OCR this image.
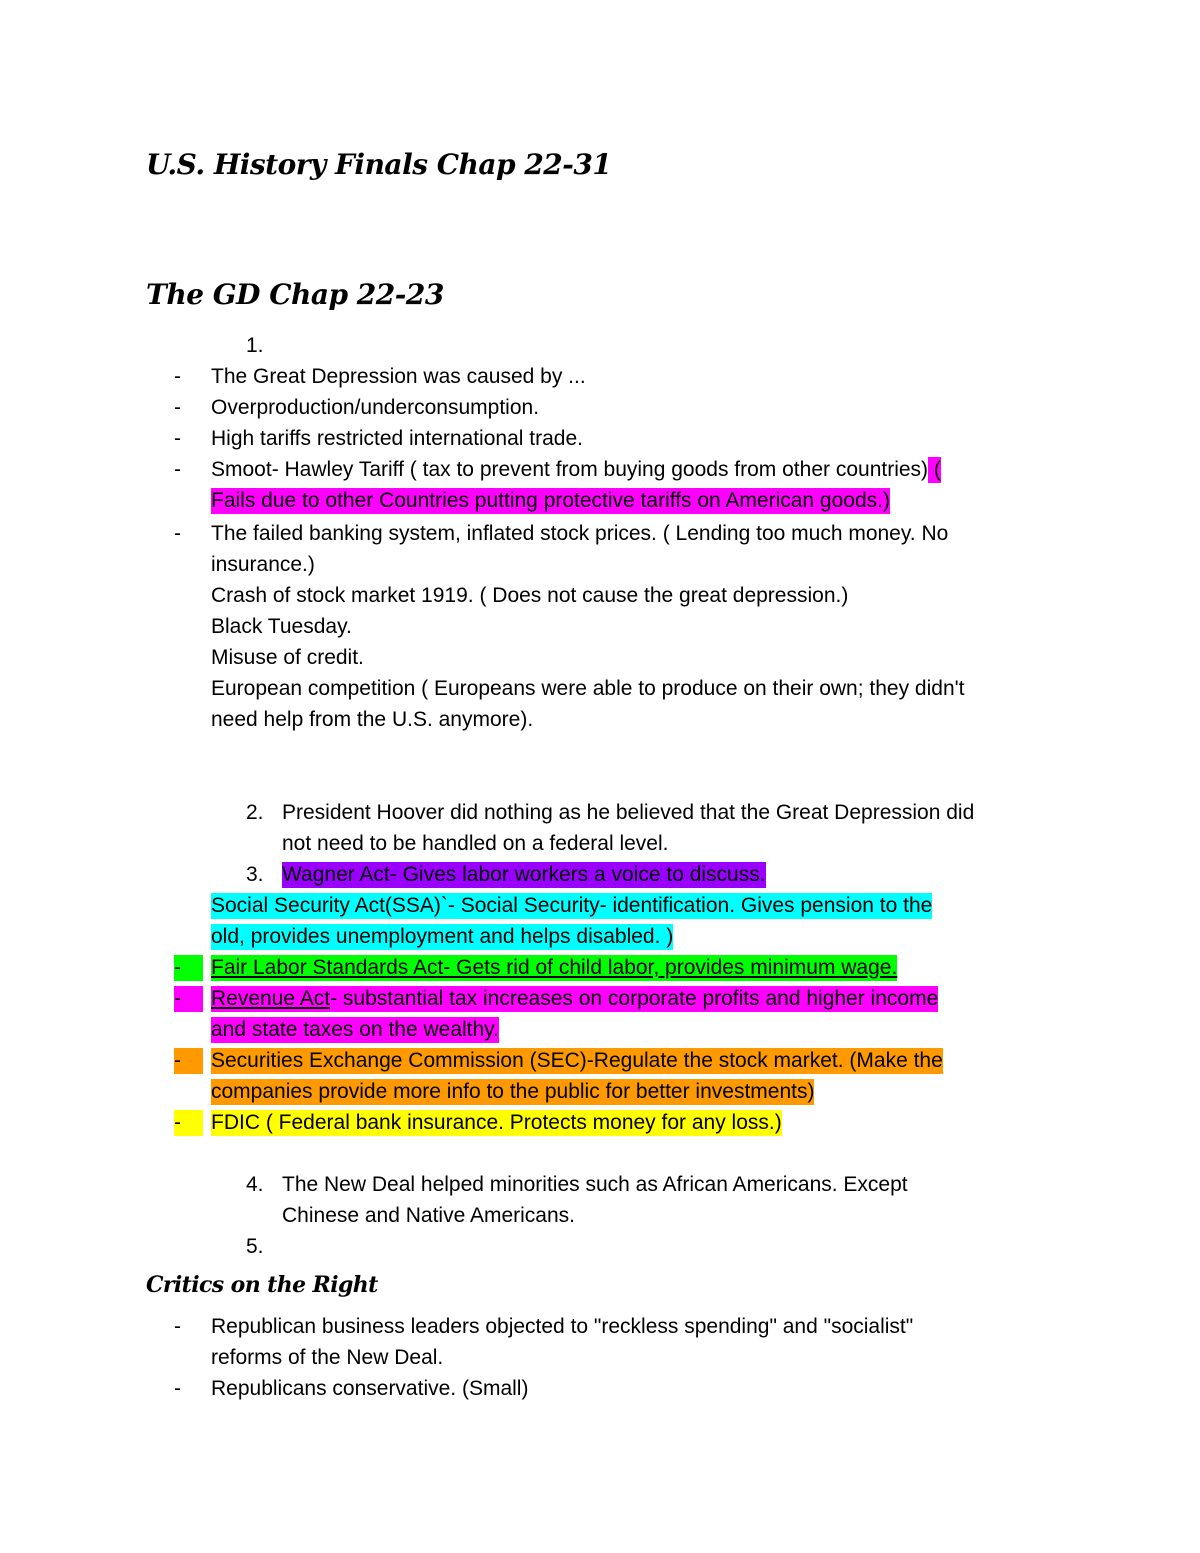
U.S. History Finals Chap 22-31
The GD Chap 22-23
1.
- The Great Depression was caused by ...
- Overproduction/underconsumption.
- High tariffs restricted international trade.
- Smoot- Hawley Tariff ( tax to prevent from buying goods from other countries) (
Fails due to other Countries putting protective tariffs on American goods.)
- The failed banking system, inflated stock prices. ( Lending too much money. No
insurance.)
Crash of stock market 1919. ( Does not cause the great depression.)
Black Tuesday.
Misuse of credit.
European competition ( Europeans were able to produce on their own; they didn't
need help from the U.S. anymore).
2. President Hoover did nothing as he believed that the Great Depression did
not need to be handled on a federal level.
3. Wagner Act- Gives labor workers a voice to discuss.
Social Security Act(SSA)`- Social Security- identification. Gives pension to the
old, provides unemployment and helps disabled. )
-	Fair Labor Standards Act- Gets rid of child labor, provides minimum wage.
-	Revenue Act- substantial tax increases on corporate profits and higher income
and state taxes on the wealthy.
-	Securities Exchange Commission (SEC)-Regulate the stock market. (Make the
companies provide more info to the public for better investments)
-	FDIC ( Federal bank insurance. Protects money for any loss.)
4. The New Deal helped minorities such as African Americans. Except
Chinese and Native Americans.
5.
Critics on the Right
- Republican business leaders objected to "reckless spending" and "socialist"
reforms of the New Deal.
- Republicans conservative. (Small)
